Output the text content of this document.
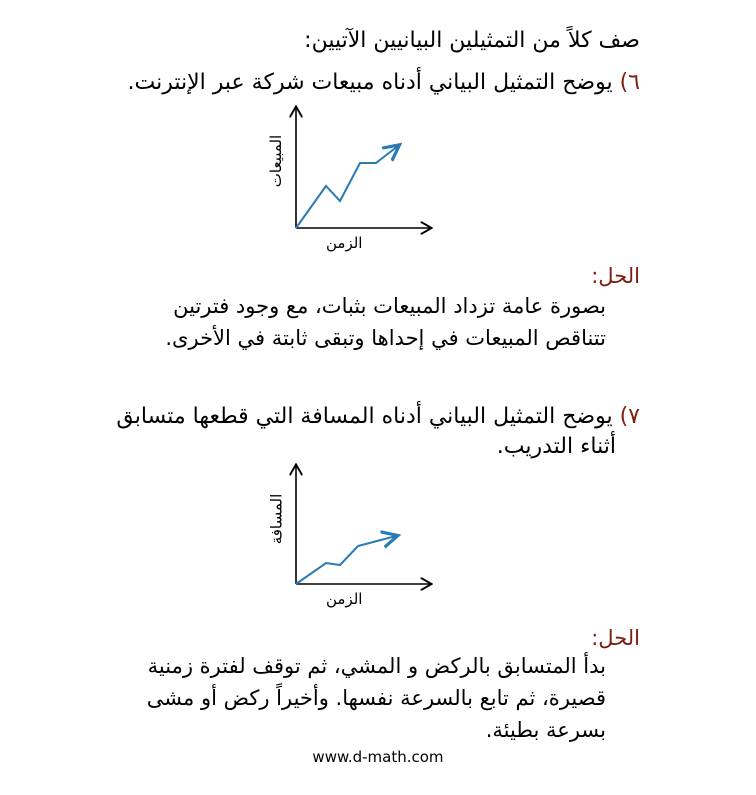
صف كلاً من التمثيلين البيانيين الآتيين:
٦) يوضح التمثيل البياني أدناه مبيعات شركة عبر الإنترنت.
المبيعات
الزمن
الحل:
بصورة عامة تزداد المبيعات بثبات، مع وجود فترتين
تتناقص المبيعات في إحداها وتبقى ثابتة في الأخرى.
٧) يوضح التمثيل البياني أدناه المسافة التي قطعها متسابق
أثناء التدريب.
المسافة
الزمن
الحل:
بدأ المتسابق بالركض و المشي، ثم توقف لفترة زمنية
قصيرة، ثم تابع بالسرعة نفسها. وأخيراً ركض أو مشى
بسرعة بطيئة.
www.d-math.com
